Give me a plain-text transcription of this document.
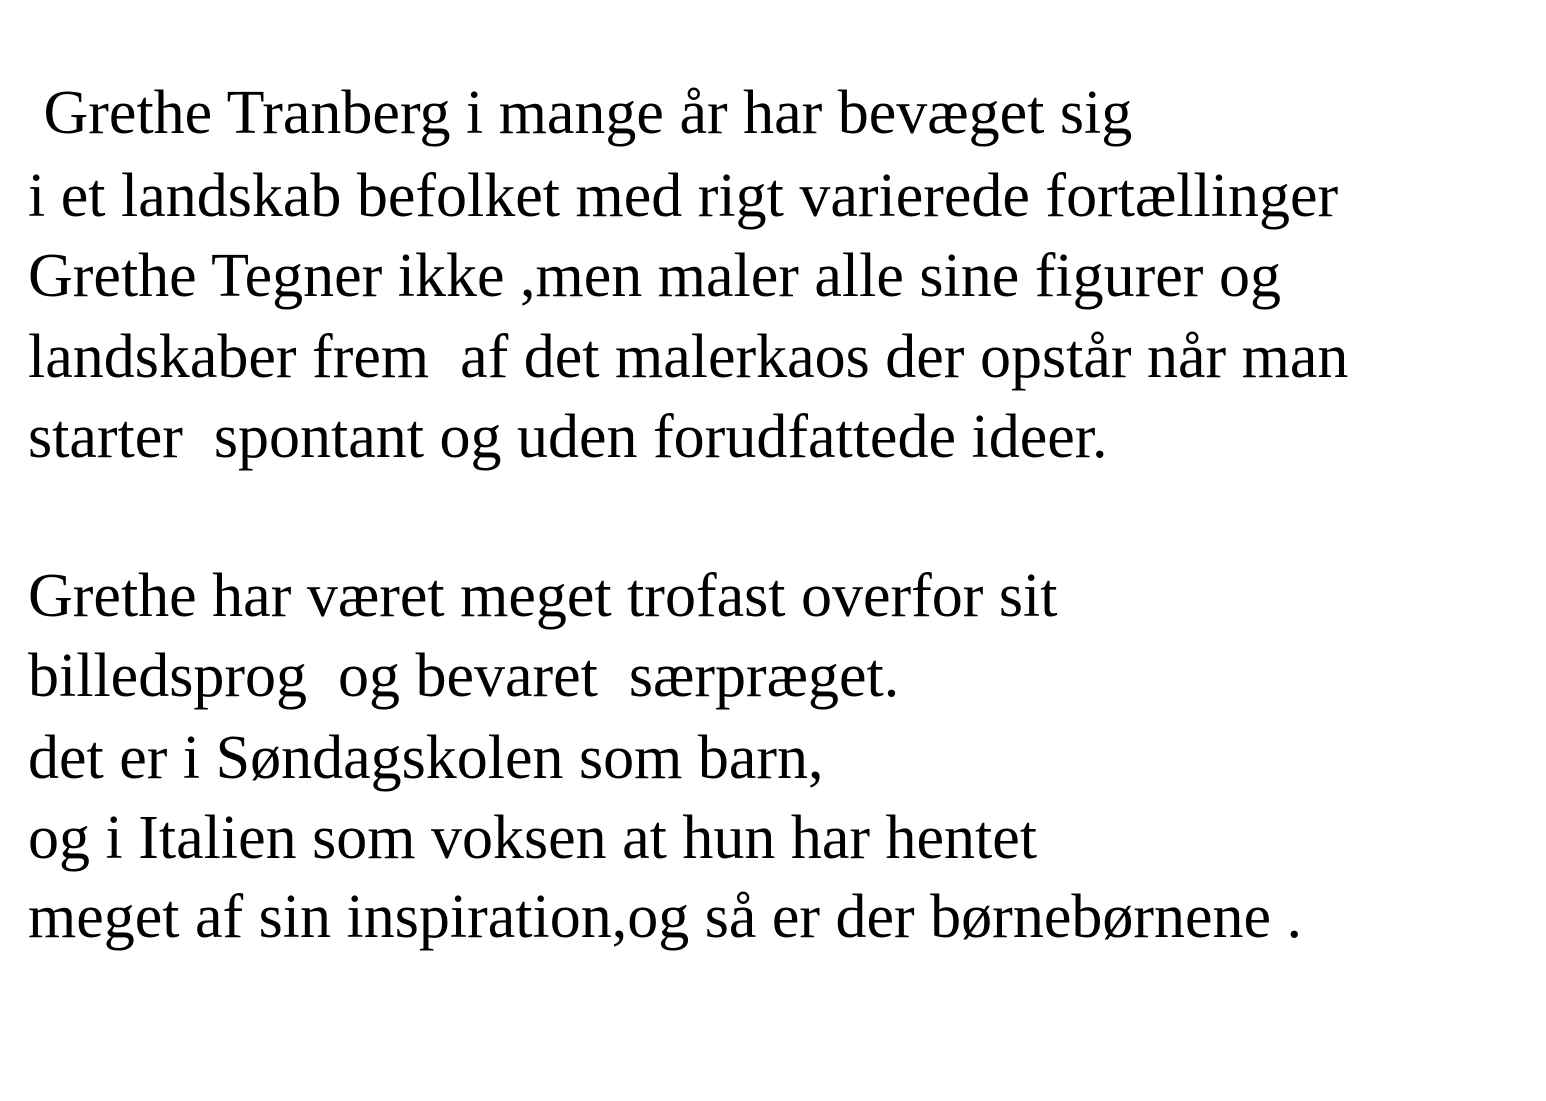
Grethe Tranberg i mange år har bevæget sig

i et landskab befolket med rigt varierede fortællinger

Grethe Tegner ikke ,men maler alle sine figurer og

landskaber frem  af det malerkaos der opstår når man

starter  spontant og uden forudfattede ideer.

Grethe har været meget trofast overfor sit

billedsprog  og bevaret  særpræget.

det er i Søndagskolen som barn,

og i Italien som voksen at hun har hentet

meget af sin inspiration,og så er der børnebørnene .
